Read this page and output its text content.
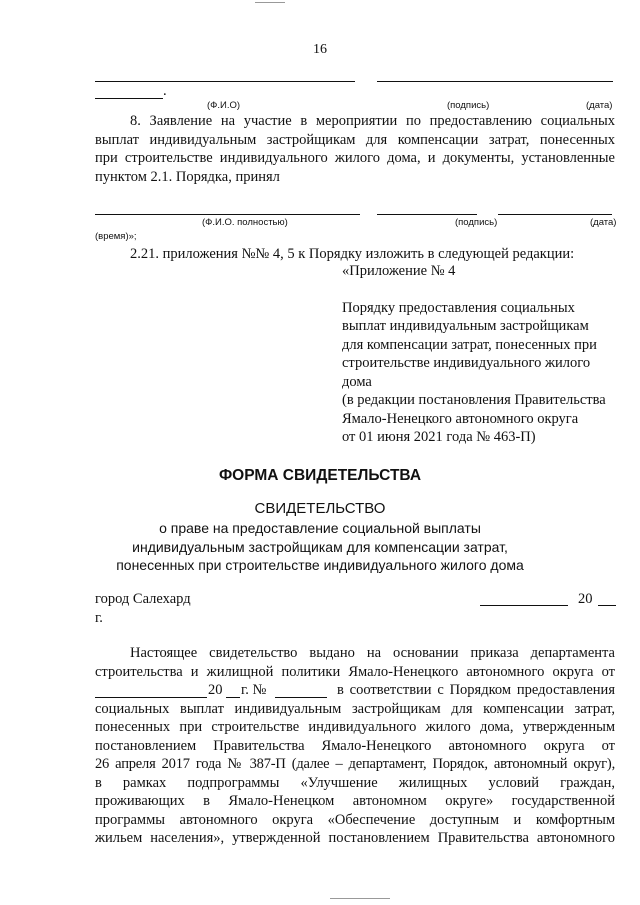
16
.
(Ф.И.О)	(подпись)	(дата)
8. Заявление на участие в мероприятии по предоставлению социальных
выплат индивидуальным застройщикам для компенсации затрат, понесенных
при строительстве индивидуального жилого дома, и документы, установленные
пунктом 2.1. Порядка, принял
(Ф.И.О. полностью)	(подпись)	(дата)
(время)»;
2.21. приложения №№ 4, 5 к Порядку изложить в следующей редакции:
«Приложение № 4
Порядку предоставления социальных
выплат индивидуальным застройщикам
для компенсации затрат, понесенных при
строительстве индивидуального жилого
дома
(в редакции постановления Правительства
Ямало-Ненецкого автономного округа
от 01 июня 2021 года № 463-П)
ФОРМА СВИДЕТЕЛЬСТВА
СВИДЕТЕЛЬСТВО
о праве на предоставление социальной выплаты
индивидуальным застройщикам для компенсации затрат,
понесенных при строительстве индивидуального жилого дома
город Салехард	20
г.
Настоящее свидетельство выдано на основании приказа департамента
строительства и жилищной политики Ямало-Ненецкого автономного округа от
20 г. №	в соответствии с Порядком предоставления
социальных выплат индивидуальным застройщикам для компенсации затрат,
понесенных при строительстве индивидуального жилого дома, утвержденным
постановлением Правительства Ямало-Ненецкого автономного округа от
26 апреля 2017 года № 387-П (далее – департамент, Порядок, автономный округ),
в рамках подпрограммы «Улучшение жилищных условий граждан,
проживающих в Ямало-Ненецком автономном округе» государственной
программы автономного округа «Обеспечение доступным и комфортным
жильем населения», утвержденной постановлением Правительства автономного
